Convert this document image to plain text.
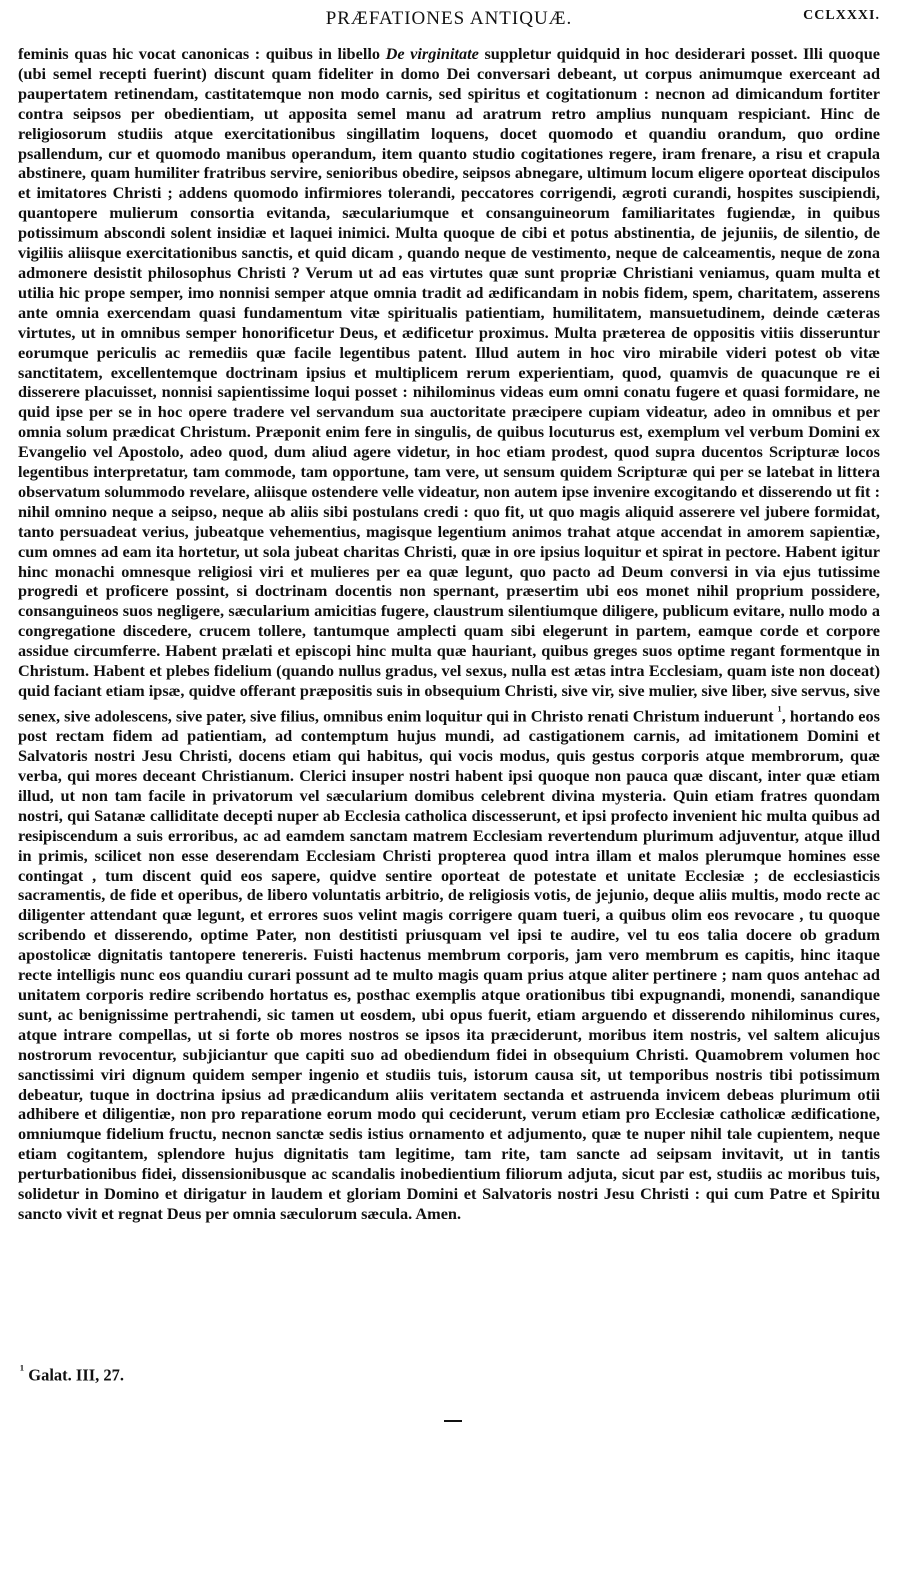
PRÆFATIONES ANTIQUÆ.	CCLXXXI.

feminis quas hic vocat canonicas : quibus in libello De virginitate suppletur quidquid in hoc desiderari posset. Illi quoque (ubi semel recepti fuerint) discunt quam fideliter in domo Dei conversari debeant, ut corpus animumque exerceant ad paupertatem retinendam, castitatemque non modo carnis, sed spiritus et cogitationum : necnon ad dimicandum fortiter contra seipsos per obedientiam, ut apposita semel manu ad aratrum retro amplius nunquam respiciant. Hinc de religiosorum studiis atque exercitationibus singillatim loquens, docet quomodo et quandiu orandum, quo ordine psallendum, cur et quomodo manibus operandum, item quanto studio cogitationes regere, iram frenare, a risu et crapula abstinere, quam humiliter fratribus servire, senioribus obedire, seipsos abnegare, ultimum locum eligere oporteat discipulos et imitatores Christi ; addens quomodo infirmiores tolerandi, peccatores corrigendi, ægroti curandi, hospites suscipiendi, quantopere mulierum consortia evitanda, sæculariumque et consanguineorum familiaritates fugiendæ, in quibus potissimum abscondi solent insidiæ et laquei inimici. Multa quoque de cibi et potus abstinentia, de jejuniis, de silentio, de vigiliis aliisque exercitationibus sanctis, et quid dicam , quando neque de vestimento, neque de calceamentis, neque de zona admonere desistit philosophus Christi ? Verum ut ad eas virtutes quæ sunt propriæ Christiani veniamus, quam multa et utilia hic prope semper, imo nonnisi semper atque omnia tradit ad ædificandam in nobis fidem, spem, charitatem, asserens ante omnia exercendam quasi fundamentum vitæ spiritualis patientiam, humilitatem, mansuetudinem, deinde cæteras virtutes, ut in omnibus semper honorificetur Deus, et ædificetur proximus. Multa præterea de oppositis vitiis disseruntur eorumque periculis ac remediis quæ facile legentibus patent. Illud autem in hoc viro mirabile videri potest ob vitæ sanctitatem, excellentemque doctrinam ipsius et multiplicem rerum experientiam, quod, quamvis de quacunque re ei disserere placuisset, nonnisi sapientissime loqui posset : nihilominus videas eum omni conatu fugere et quasi formidare, ne quid ipse per se in hoc opere tradere vel servandum sua auctoritate præcipere cupiam videatur, adeo in omnibus et per omnia solum prædicat Christum. Præponit enim fere in singulis, de quibus locuturus est, exemplum vel verbum Domini ex Evangelio vel Apostolo, adeo quod, dum aliud agere videtur, in hoc etiam prodest, quod supra ducentos Scripturæ locos legentibus interpretatur, tam commode, tam opportune, tam vere, ut sensum quidem Scripturæ qui per se latebat in littera observatum solummodo revelare, aliisque ostendere velle videatur, non autem ipse invenire excogitando et disserendo ut fit : nihil omnino neque a seipso, neque ab aliis sibi postulans credi : quo fit, ut quo magis aliquid asserere vel jubere formidat, tanto persuadeat verius, jubeatque vehementius, magisque legentium animos trahat atque accendat in amorem sapientiæ, cum omnes ad eam ita hortetur, ut sola jubeat charitas Christi, quæ in ore ipsius loquitur et spirat in pectore. Habent igitur hinc monachi omnesque religiosi viri et mulieres per ea quæ legunt, quo pacto ad Deum conversi in via ejus tutissime progredi et proficere possint, si doctrinam docentis non spernant, præsertim ubi eos monet nihil proprium possidere, consanguineos suos negligere, sæcularium amicitias fugere, claustrum silentiumque diligere, publicum evitare, nullo modo a congregatione discedere, crucem tollere, tantumque amplecti quam sibi elegerunt in partem, eamque corde et corpore assidue circumferre. Habent prælati et episcopi hinc multa quæ hauriant, quibus greges suos optime regant formentque in Christum. Habent et plebes fidelium (quando nullus gradus, vel sexus, nulla est ætas intra Ecclesiam, quam iste non doceat) quid faciant etiam ipsæ, quidve offerant præpositis suis in obsequium Christi, sive vir, sive mulier, sive liber, sive servus, sive senex, sive adolescens, sive pater, sive filius, omnibus enim loquitur qui in Christo renati Christum induerunt $^{^1}$, hortando eos post rectam fidem ad patientiam, ad contemptum hujus mundi, ad castigationem carnis, ad imitationem Domini et Salvatoris nostri Jesu Christi, docens etiam qui habitus, qui vocis modus, quis gestus corporis atque membrorum, quæ verba, qui mores deceant Christianum. Clerici insuper nostri habent ipsi quoque non pauca quæ discant, inter quæ etiam illud, ut non tam facile in privatorum vel sæcularium domibus celebrent divina mysteria. Quin etiam fratres quondam nostri, qui Satanæ calliditate decepti nuper ab Ecclesia catholica discesserunt, et ipsi profecto invenient hic multa quibus ad resipiscendum a suis erroribus, ac ad eamdem sanctam matrem Ecclesiam revertendum plurimum adjuventur, atque illud in primis, scilicet non esse deserendam Ecclesiam Christi propterea quod intra illam et malos plerumque homines esse contingat , tum discent quid eos sapere, quidve sentire oporteat de potestate et unitate Ecclesiæ ; de ecclesiasticis sacramentis, de fide et operibus, de libero voluntatis arbitrio, de religiosis votis, de jejunio, deque aliis multis, modo recte ac diligenter attendant quæ legunt, et errores suos velint magis corrigere quam tueri, a quibus olim eos revocare , tu quoque scribendo et disserendo, optime Pater, non destitisti priusquam vel ipsi te audire, vel tu eos talia docere ob gradum apostolicæ dignitatis tantopere tenereris. Fuisti hactenus membrum corporis, jam vero membrum es capitis, hinc itaque recte intelligis nunc eos quandiu curari possunt ad te multo magis quam prius atque aliter pertinere ; nam quos antehac ad unitatem corporis redire scribendo hortatus es, posthac exemplis atque orationibus tibi expugnandi, monendi, sanandique sunt, ac benignissime pertrahendi, sic tamen ut eosdem, ubi opus fuerit, etiam arguendo et disserendo nihilominus cures, atque intrare compellas, ut si forte ob mores nostros se ipsos ita præciderunt, moribus item nostris, vel saltem alicujus nostrorum revocentur, subjiciantur que capiti suo ad obediendum fidei in obsequium Christi. Quamobrem volumen hoc sanctissimi viri dignum quidem semper ingenio et studiis tuis, istorum causa sit, ut temporibus nostris tibi potissimum debeatur, tuque in doctrina ipsius ad prædicandum aliis veritatem sectanda et astruenda invicem debeas plurimum otii adhibere et diligentiæ, non pro reparatione eorum modo qui ceciderunt, verum etiam pro Ecclesiæ catholicæ ædificatione, omniumque fidelium fructu, necnon sanctæ sedis istius ornamento et adjumento, quæ te nuper nihil tale cupientem, neque etiam cogitantem, splendore hujus dignitatis tam legitime, tam rite, tam sancte ad seipsam invitavit, ut in tantis perturbationibus fidei, dissensionibusque ac scandalis inobedientium filiorum adjuta, sicut par est, studiis ac moribus tuis, solidetur in Domino et dirigatur in laudem et gloriam Domini et Salvatoris nostri Jesu Christi : qui cum Patre et Spiritu sancto vivit et regnat Deus per omnia sæculorum sæcula. Amen.

$^{^1}$ Galat. III, 27.
